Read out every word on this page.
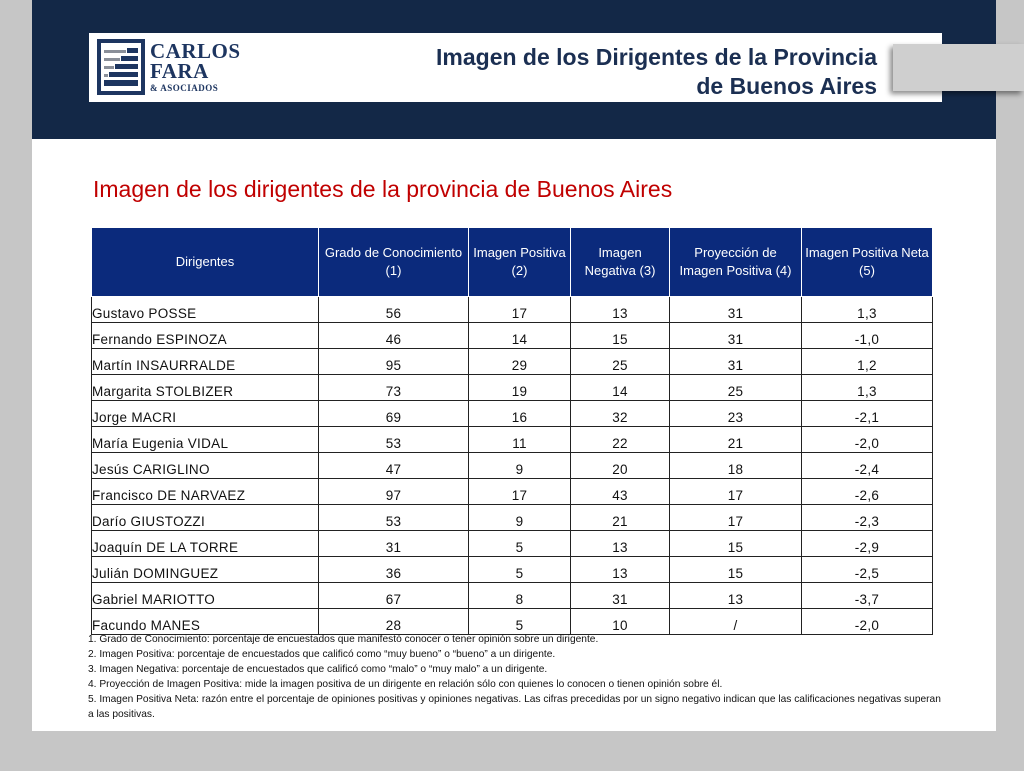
CARLOS
FARA
& ASOCIADOS
Imagen de los Dirigentes de la Provincia
de Buenos Aires
Imagen de los dirigentes de la provincia de Buenos Aires
Dirigentes	Grado de Conocimiento (1)	Imagen Positiva (2)	Imagen Negativa (3)	Proyección de Imagen Positiva (4)	Imagen Positiva Neta (5)
Gustavo POSSE	56	17	13	31	1,3
Fernando ESPINOZA	46	14	15	31	-1,0
Martín INSAURRALDE	95	29	25	31	1,2
Margarita STOLBIZER	73	19	14	25	1,3
Jorge MACRI	69	16	32	23	-2,1
María Eugenia VIDAL	53	11	22	21	-2,0
Jesús CARIGLINO	47	9	20	18	-2,4
Francisco DE NARVAEZ	97	17	43	17	-2,6
Darío GIUSTOZZI	53	9	21	17	-2,3
Joaquín DE LA TORRE	31	5	13	15	-2,9
Julián DOMINGUEZ	36	5	13	15	-2,5
Gabriel MARIOTTO	67	8	31	13	-3,7
Facundo MANES	28	5	10	/	-2,0
1. Grado de Conocimiento: porcentaje de encuestados que manifestó conocer o tener opinión sobre un dirigente.
2. Imagen Positiva: porcentaje de encuestados que calificó como “muy bueno” o “bueno” a un dirigente.
3. Imagen Negativa: porcentaje de encuestados que calificó como “malo” o “muy malo” a un dirigente.
4. Proyección de Imagen Positiva: mide la imagen positiva de un dirigente en relación sólo con quienes lo conocen o tienen opinión sobre él.
5. Imagen Positiva Neta: razón entre el porcentaje de opiniones positivas y opiniones negativas. Las cifras precedidas por un signo negativo indican que las calificaciones negativas superan a las positivas.
